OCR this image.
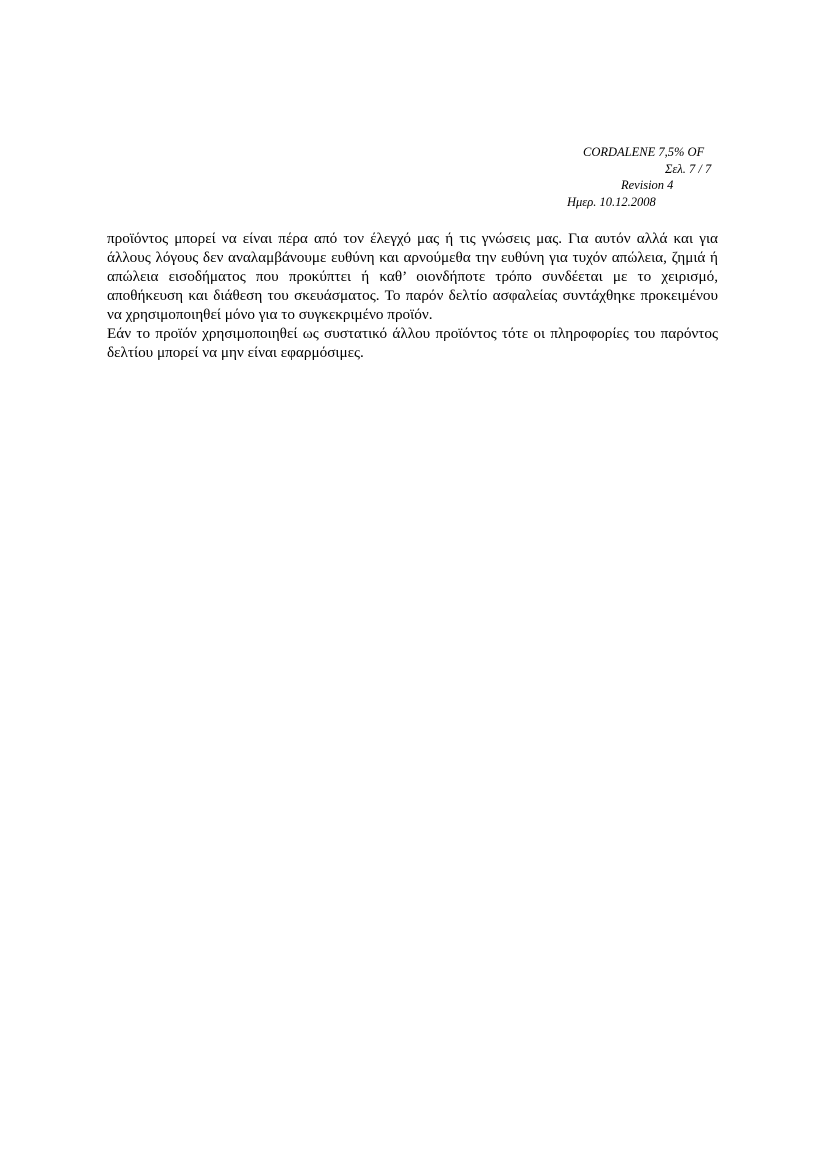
CORDALENE 7,5% OF
Σελ. 7 / 7
Revision 4
Ημερ. 10.12.2008

προϊόντος μπορεί να είναι πέρα από τον έλεγχό μας ή τις γνώσεις μας. Για αυτόν αλλά και για άλλους λόγους δεν αναλαμβάνουμε ευθύνη και αρνούμεθα την ευθύνη για τυχόν απώλεια, ζημιά ή απώλεια εισοδήματος που προκύπτει ή καθ’ οιονδήποτε τρόπο συνδέεται με το χειρισμό, αποθήκευση και διάθεση του σκευάσματος. Το παρόν δελτίο ασφαλείας συντάχθηκε προκειμένου να χρησιμοποιηθεί μόνο για το συγκεκριμένο προϊόν.

Εάν το προϊόν χρησιμοποιηθεί ως συστατικό άλλου προϊόντος τότε οι πληροφορίες του παρόντος δελτίου μπορεί να μην είναι εφαρμόσιμες.
